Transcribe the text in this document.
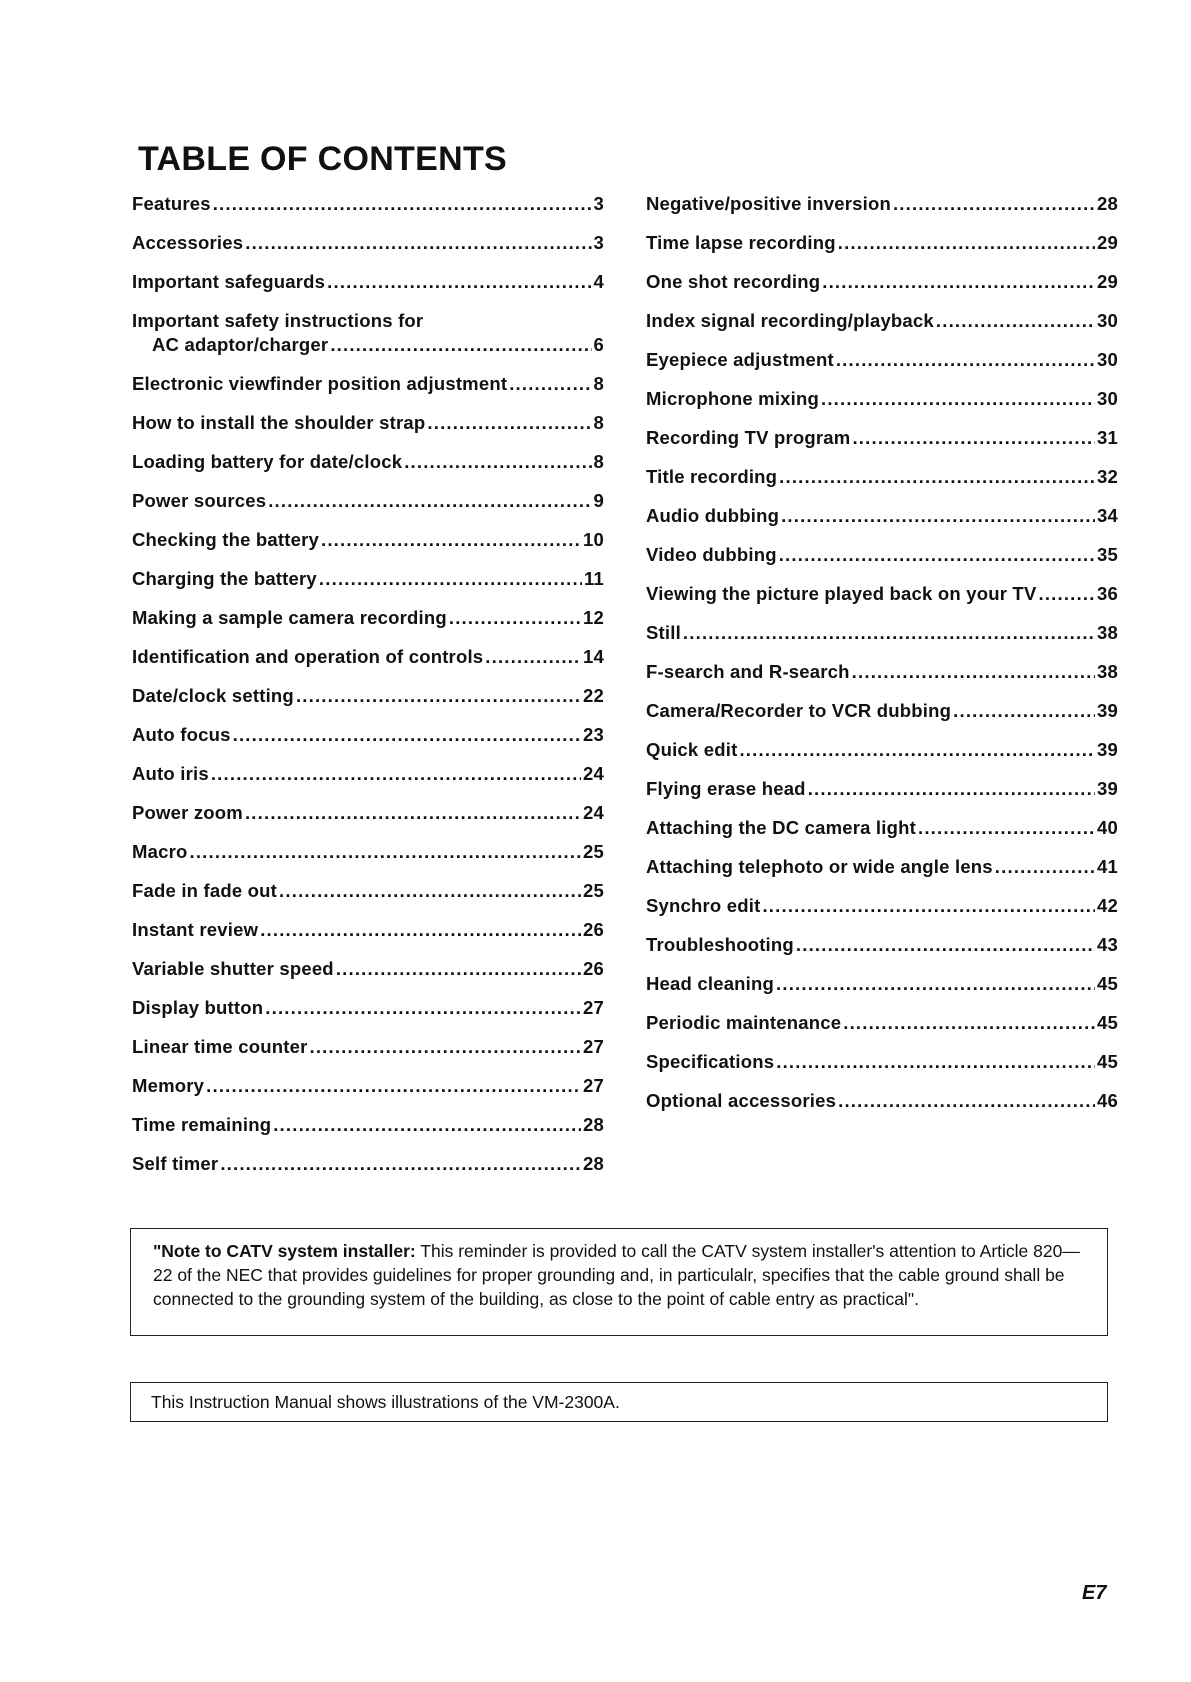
TABLE OF CONTENTS
Features .....	3
Accessories .....	3
Important safeguards .....	4
Important safety instructions for
AC adaptor/charger .....	6
Electronic viewfinder position adjustment .....	8
How to install the shoulder strap .....	8
Loading battery for date/clock .....	8
Power sources .....	9
Checking the battery .....	10
Charging the battery .....	11
Making a sample camera recording .....	12
Identification and operation of controls .....	14
Date/clock setting .....	22
Auto focus .....	23
Auto iris .....	24
Power zoom .....	24
Macro .....	25
Fade in fade out .....	25
Instant review .....	26
Variable shutter speed .....	26
Display button .....	27
Linear time counter .....	27
Memory .....	27
Time remaining .....	28
Self timer .....	28
Negative/positive inversion .....	28
Time lapse recording .....	29
One shot recording .....	29
Index signal recording/playback .....	30
Eyepiece adjustment .....	30
Microphone mixing .....	30
Recording TV program .....	31
Title recording .....	32
Audio dubbing .....	34
Video dubbing .....	35
Viewing the picture played back on your TV .....	36
Still .....	38
F-search and R-search .....	38
Camera/Recorder to VCR dubbing .....	39
Quick edit .....	39
Flying erase head .....	39
Attaching the DC camera light .....	40
Attaching telephoto or wide angle lens .....	41
Synchro edit .....	42
Troubleshooting .....	43
Head cleaning .....	45
Periodic maintenance .....	45
Specifications .....	45
Optional accessories .....	46

"Note to CATV system installer: This reminder is provided to call the CATV system installer's attention to Article 820—22 of the NEC that provides guidelines for proper grounding and, in particulalr, specifies that the cable ground shall be connected to the grounding system of the building, as close to the point of cable entry as practical".

This Instruction Manual shows illustrations of the VM-2300A.

E7
